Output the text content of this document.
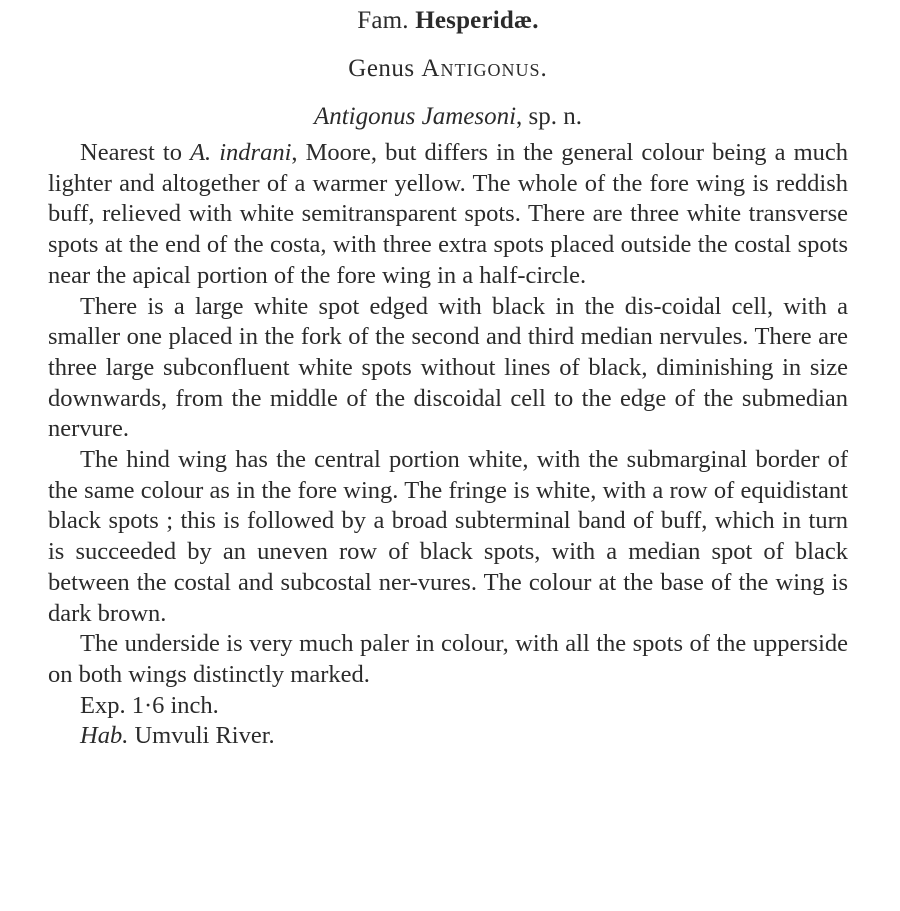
Fam. Hesperidæ.
Genus Antigonus.
Antigonus Jamesoni, sp. n.

Nearest to A. indrani, Moore, but differs in the general colour being a much lighter and altogether of a warmer yellow. The whole of the fore wing is reddish buff, relieved with white semitransparent spots. There are three white transverse spots at the end of the costa, with three extra spots placed outside the costal spots near the apical portion of the fore wing in a half-circle.

There is a large white spot edged with black in the dis-coidal cell, with a smaller one placed in the fork of the second and third median nervules. There are three large subconfluent white spots without lines of black, diminishing in size downwards, from the middle of the discoidal cell to the edge of the submedian nervure.

The hind wing has the central portion white, with the submarginal border of the same colour as in the fore wing. The fringe is white, with a row of equidistant black spots ; this is followed by a broad subterminal band of buff, which in turn is succeeded by an uneven row of black spots, with a median spot of black between the costal and subcostal ner-vures. The colour at the base of the wing is dark brown.

The underside is very much paler in colour, with all the spots of the upperside on both wings distinctly marked.

Exp. 1·6 inch.

Hab. Umvuli River.
